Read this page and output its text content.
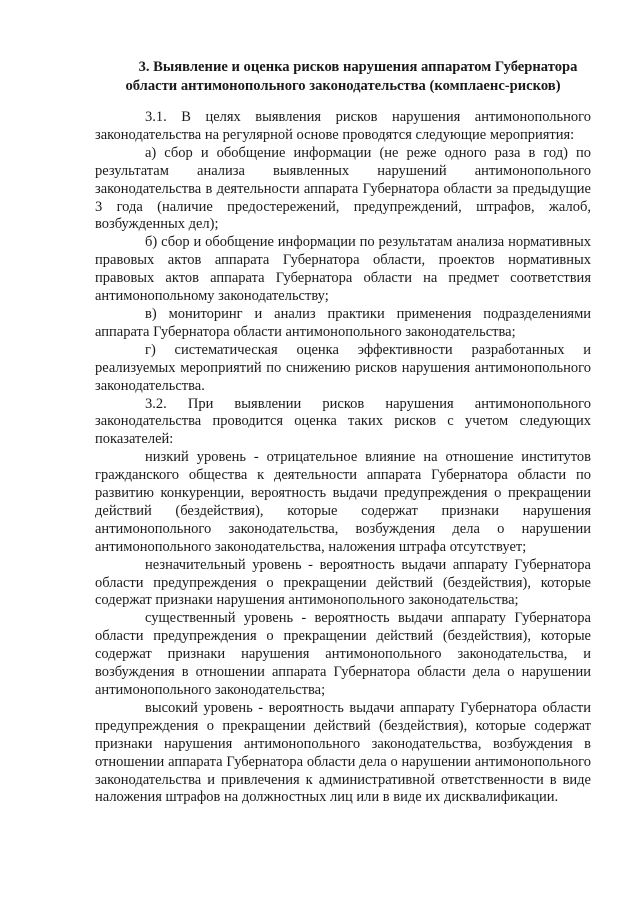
3. Выявление и оценка рисков нарушения аппаратом Губернатора
области антимонопольного законодательства (комплаенс-рисков)

3.1. В целях выявления рисков нарушения антимонопольного законодательства на регулярной основе проводятся следующие мероприятия:

а) сбор и обобщение информации (не реже одного раза в год) по результатам анализа выявленных нарушений антимонопольного законодательства в деятельности аппарата Губернатора области за предыдущие 3 года (наличие предостережений, предупреждений, штрафов, жалоб, возбужденных дел);

б) сбор и обобщение информации по результатам анализа нормативных правовых актов аппарата Губернатора области, проектов нормативных правовых актов аппарата Губернатора области на предмет соответствия антимонопольному законодательству;

в) мониторинг и анализ практики применения подразделениями аппарата Губернатора области антимонопольного законодательства;

г) систематическая оценка эффективности разработанных и реализуемых мероприятий по снижению рисков нарушения антимонопольного законодательства.

3.2. При выявлении рисков нарушения антимонопольного законодательства проводится оценка таких рисков с учетом следующих показателей:

низкий уровень - отрицательное влияние на отношение институтов гражданского общества к деятельности аппарата Губернатора области по развитию конкуренции, вероятность выдачи предупреждения о прекращении действий (бездействия), которые содержат признаки нарушения антимонопольного законодательства, возбуждения дела о нарушении антимонопольного законодательства, наложения штрафа отсутствует;

незначительный уровень - вероятность выдачи аппарату Губернатора области предупреждения о прекращении действий (бездействия), которые содержат признаки нарушения антимонопольного законодательства;

существенный уровень - вероятность выдачи аппарату Губернатора области предупреждения о прекращении действий (бездействия), которые содержат признаки нарушения антимонопольного законодательства, и возбуждения в отношении аппарата Губернатора области дела о нарушении антимонопольного законодательства;

высокий уровень - вероятность выдачи аппарату Губернатора области предупреждения о прекращении действий (бездействия), которые содержат признаки нарушения антимонопольного законодательства, возбуждения в отношении аппарата Губернатора области дела о нарушении антимонопольного законодательства и привлечения к административной ответственности в виде наложения штрафов на должностных лиц или в виде их дисквалификации.
